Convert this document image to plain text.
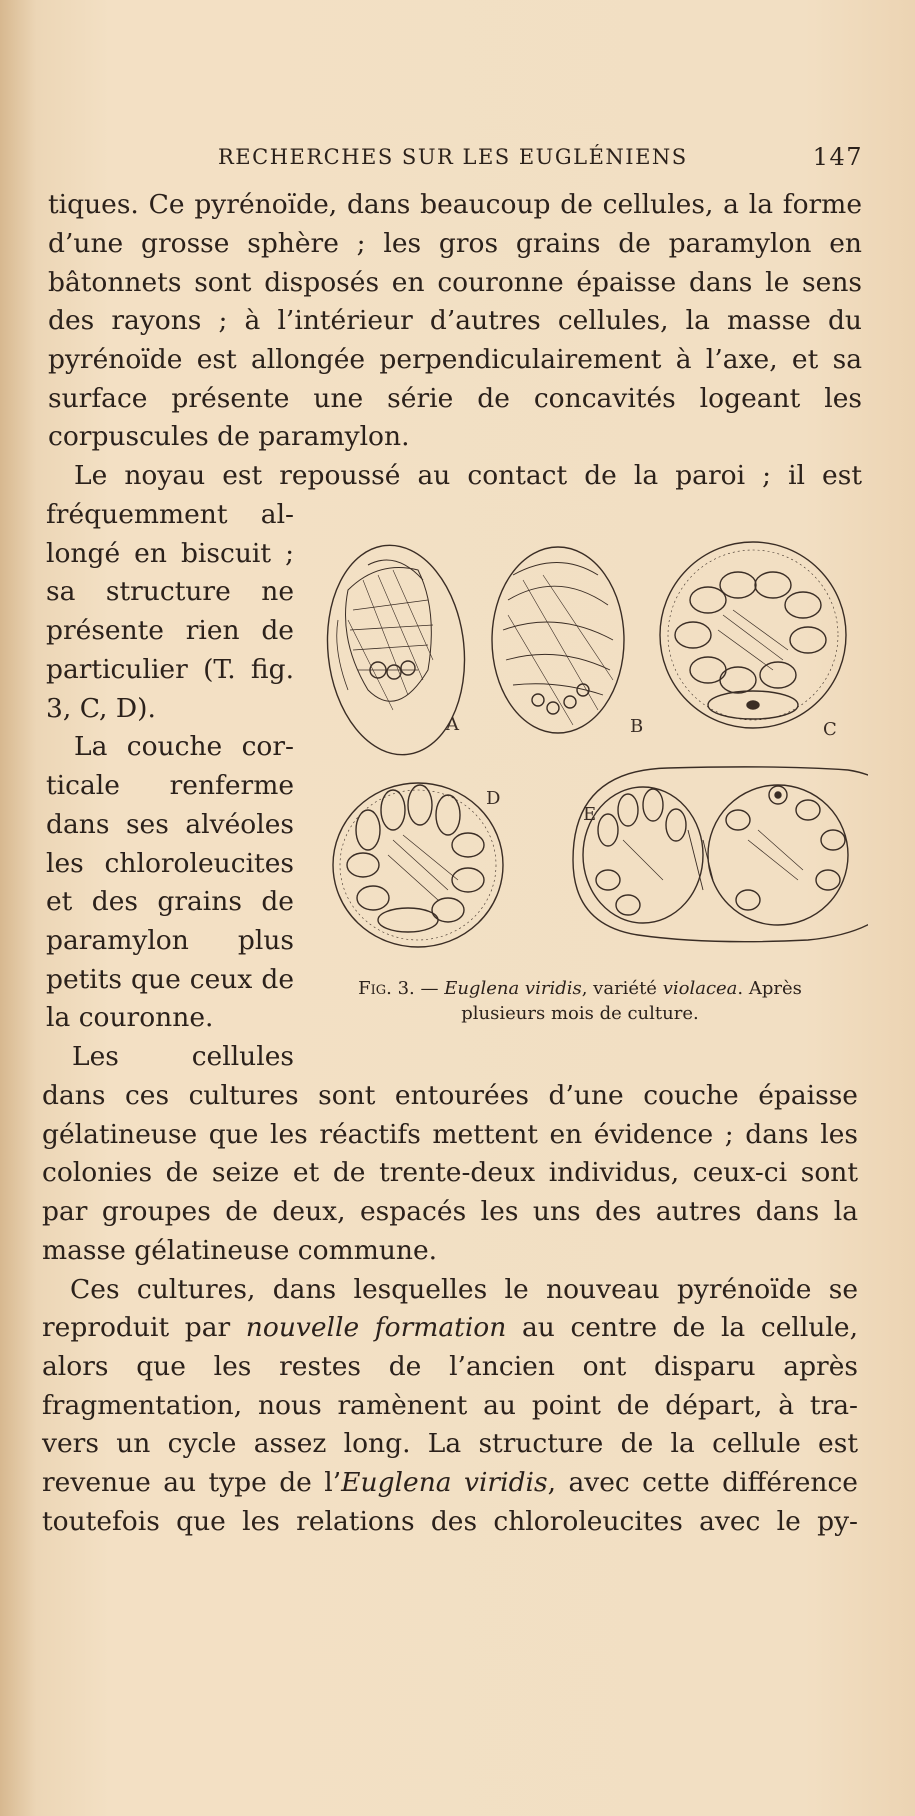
RECHERCHES SUR LES EUGLÉNIENS	147
tiques. Ce pyrénoïde, dans beaucoup de cellules, a la forme
d’une grosse sphère ; les gros grains de paramylon en
bâtonnets sont disposés en couronne épaisse dans le sens
des rayons ; à l’intérieur d’autres cellules, la masse du
pyrénoïde est allongée perpendiculairement à l’axe, et sa
surface présente une série de concavités logeant les
corpuscules de paramylon.
Le noyau est repoussé au contact de la paroi ; il est
fréquemment al-
longé en biscuit ;
sa structure ne
présente rien de
particulier (T. fig.
3, C, D).
La couche cor-
ticale renferme
dans ses alvéoles
les chloroleucites
et des grains de
paramylon plus
petits que ceux de
la couronne.
Les cellules
A	B	C
D
E
Fig. 3. — Euglena viridis, variété violacea. Après
plusieurs mois de culture.
dans ces cultures sont entourées d’une couche épaisse
gélatineuse que les réactifs mettent en évidence ; dans les
colonies de seize et de trente-deux individus, ceux-ci sont
par groupes de deux, espacés les uns des autres dans la
masse gélatineuse commune.
Ces cultures, dans lesquelles le nouveau pyrénoïde se
reproduit par nouvelle formation au centre de la cellule,
alors que les restes de l’ancien ont disparu après
fragmentation, nous ramènent au point de départ, à tra-
vers un cycle assez long. La structure de la cellule est
revenue au type de l’Euglena viridis, avec cette différence
toutefois que les relations des chloroleucites avec le py-
